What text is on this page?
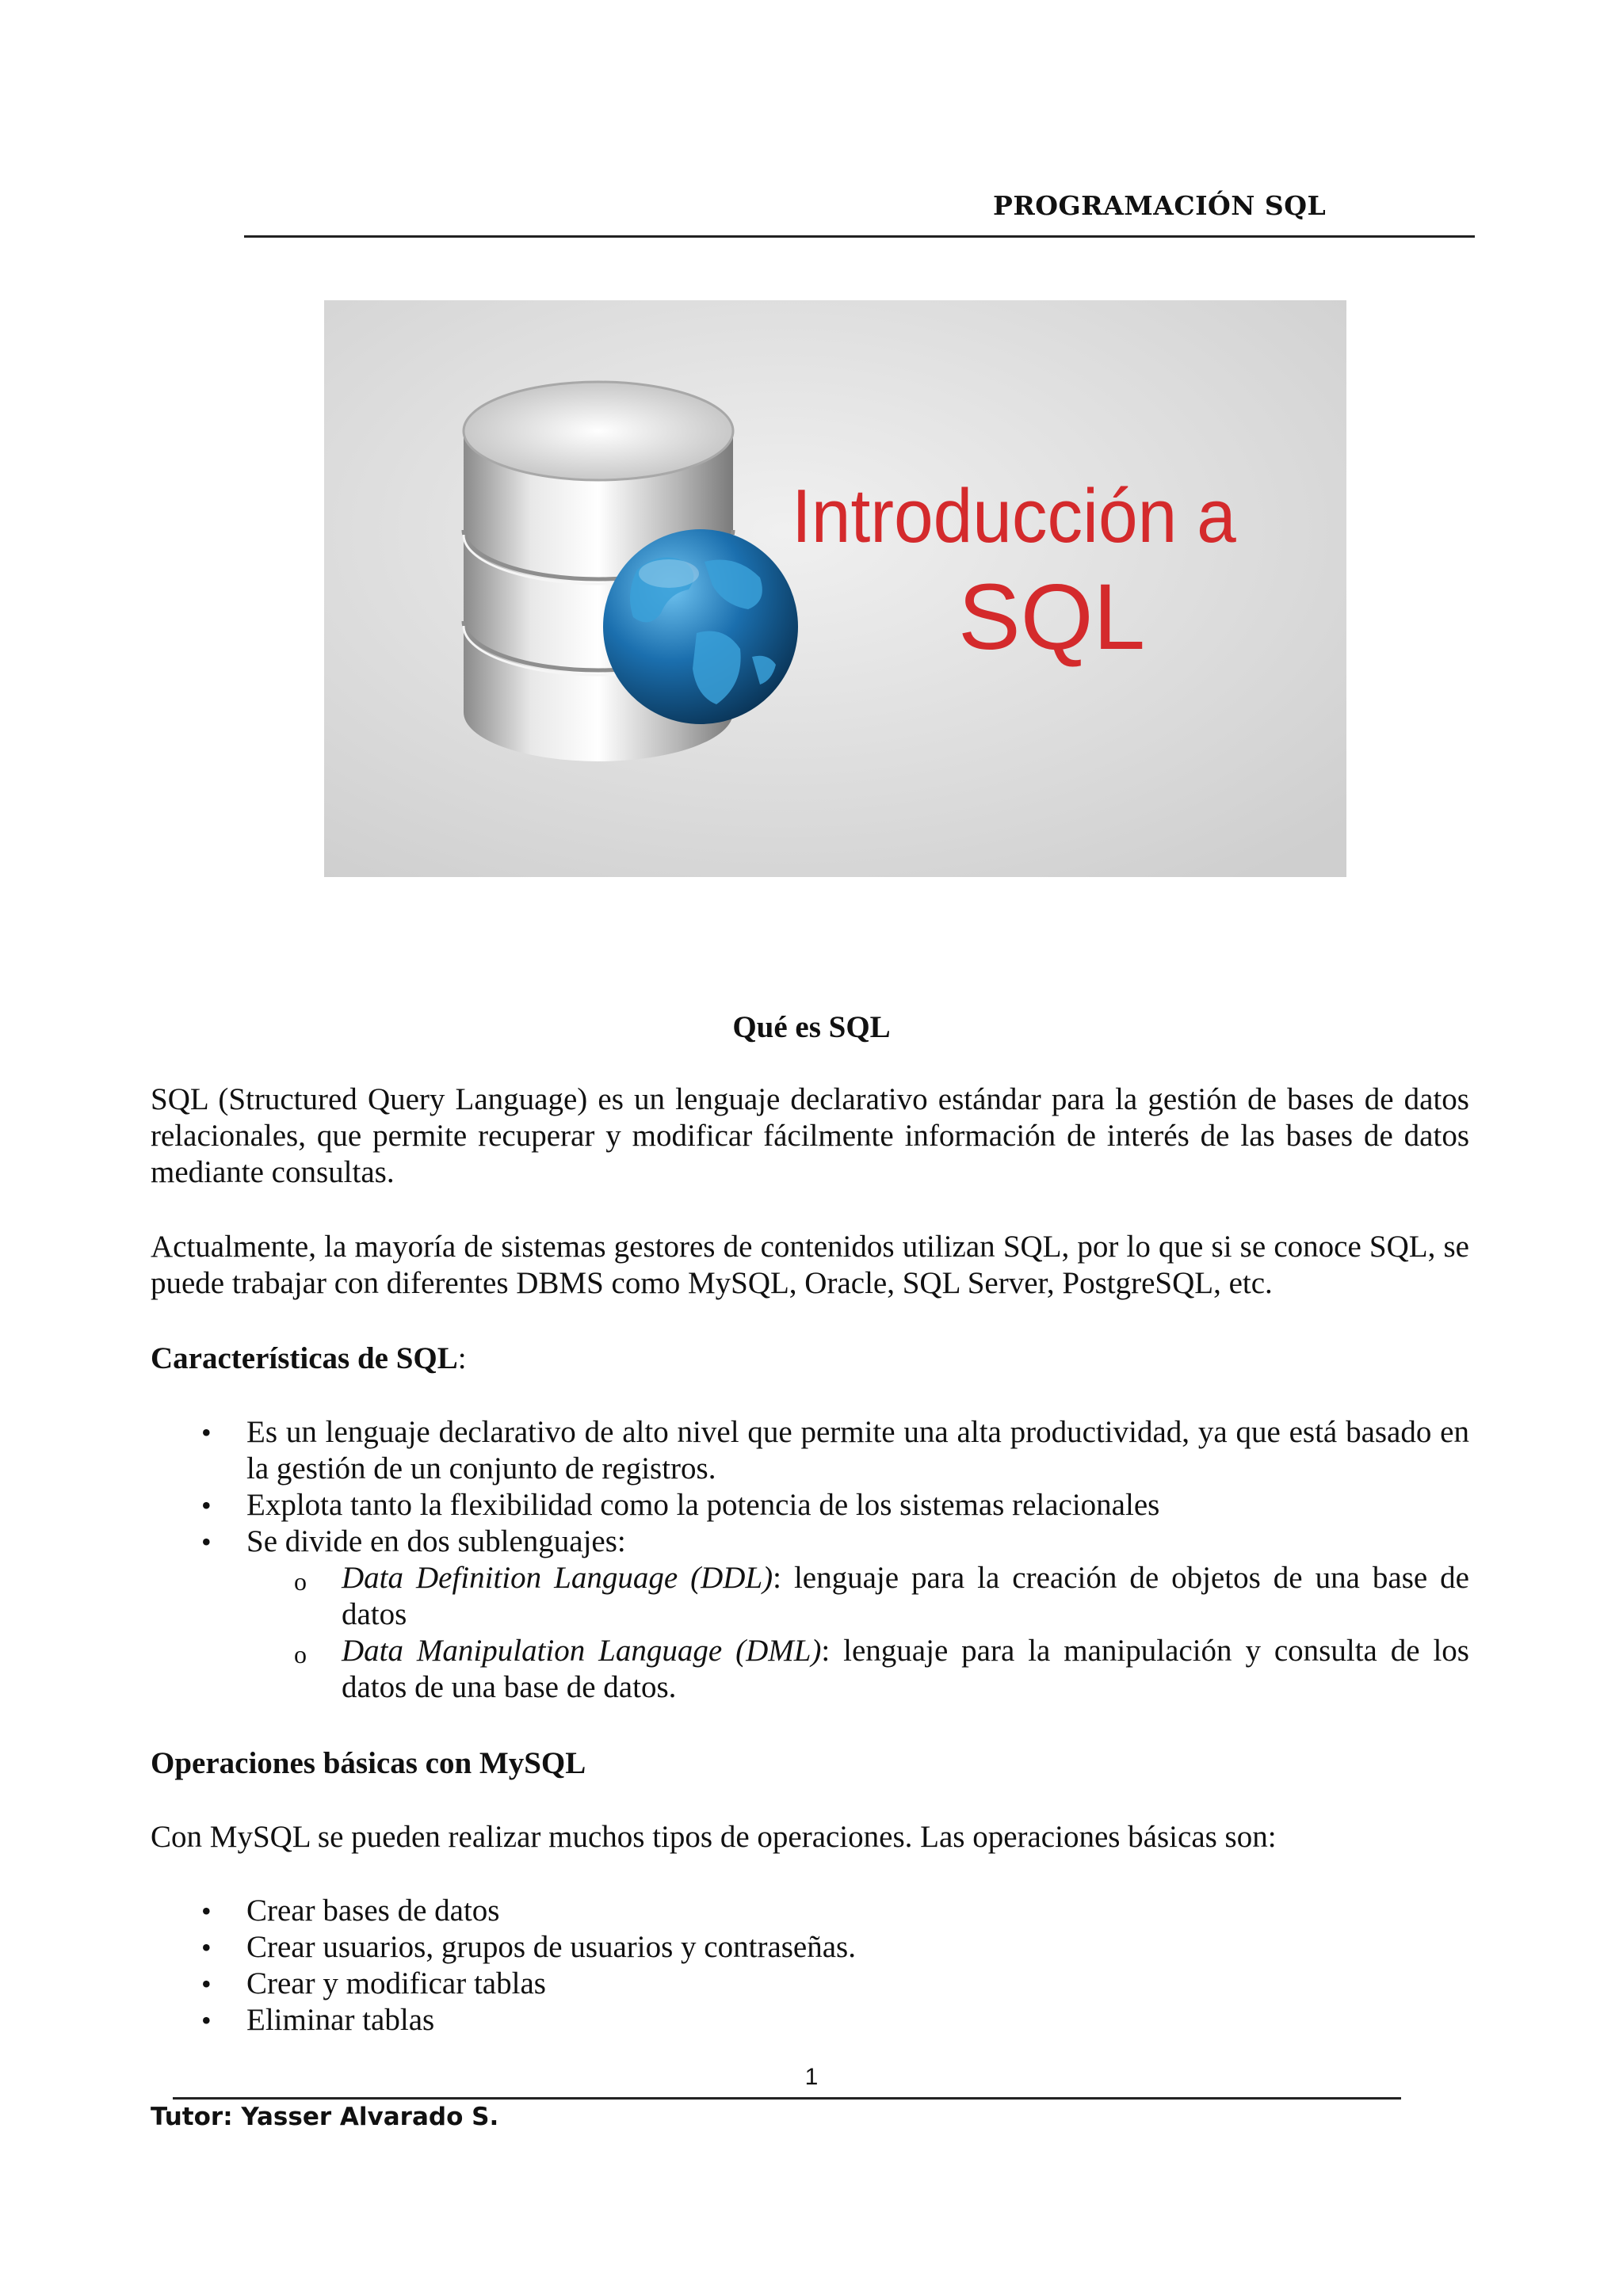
PROGRAMACIÓN SQL
Introducción a
SQL
Qué es SQL

SQL (Structured Query Language) es un lenguaje declarativo estándar para la gestión de bases de datos relacionales, que permite recuperar y modificar fácilmente información de interés de las bases de datos mediante consultas.

Actualmente, la mayoría de sistemas gestores de contenidos utilizan SQL, por lo que si se conoce SQL, se puede trabajar con diferentes DBMS como MySQL, Oracle, SQL Server, PostgreSQL, etc.

Características de SQL:
• Es un lenguaje declarativo de alto nivel que permite una alta productividad, ya que está basado en la gestión de un conjunto de registros.
• Explota tanto la flexibilidad como la potencia de los sistemas relacionales
• Se divide en dos sublenguajes:
o Data Definition Language (DDL): lenguaje para la creación de objetos de una base de datos
o Data Manipulation Language (DML): lenguaje para la manipulación y consulta de los datos de una base de datos.
Operaciones básicas con MySQL

Con MySQL se pueden realizar muchos tipos de operaciones. Las operaciones básicas son:

• Crear bases de datos
• Crear usuarios, grupos de usuarios y contraseñas.
• Crear y modificar tablas
• Eliminar tablas
1
Tutor: Yasser Alvarado S.
